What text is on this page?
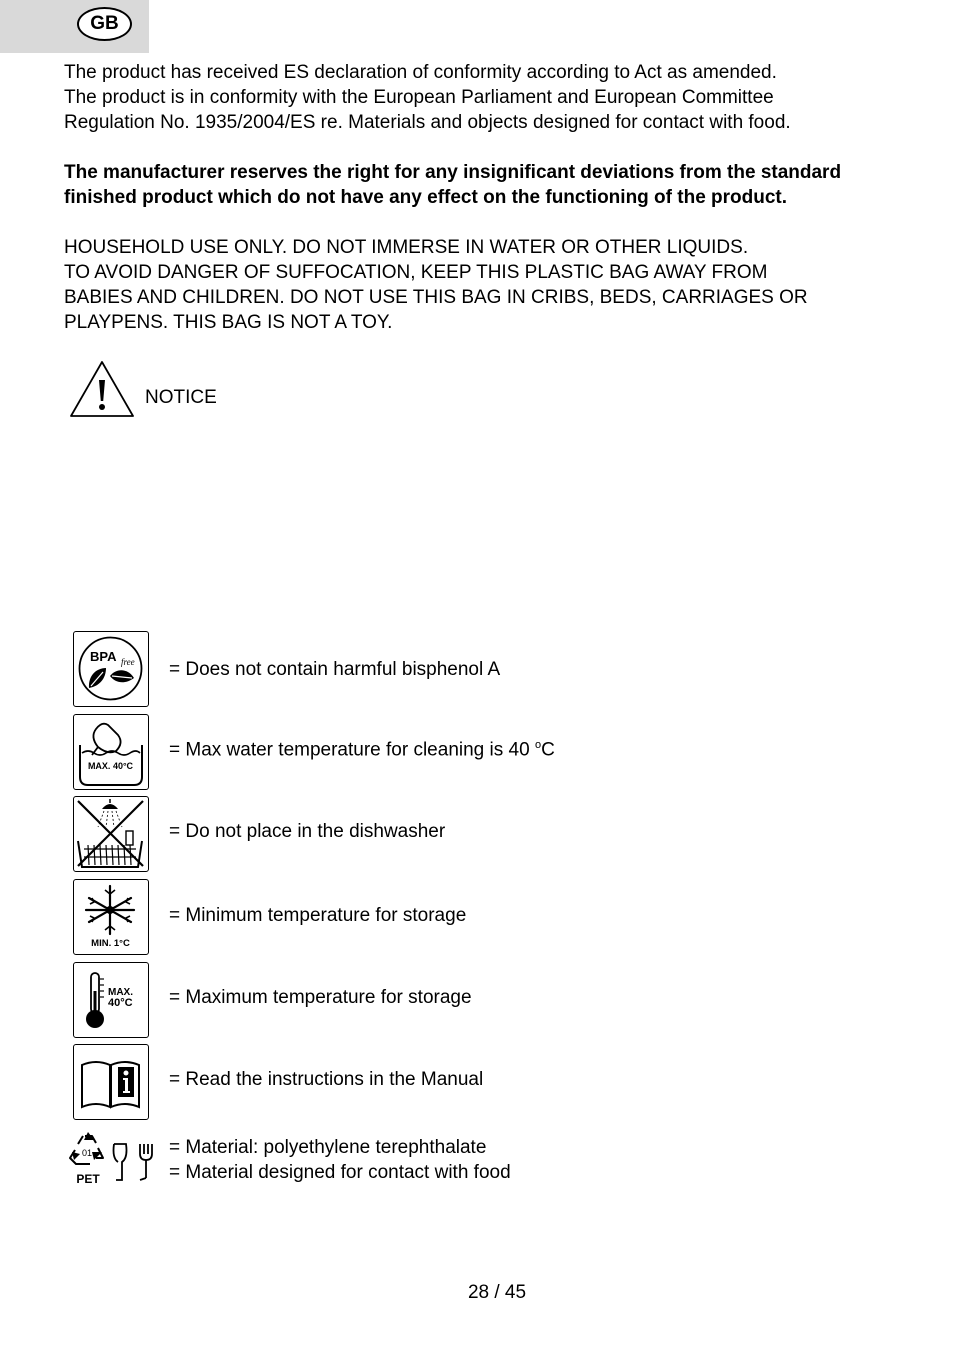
GB

The product has received ES declaration of conformity according to Act as amended.
The product is in conformity with the European Parliament and European Committee
Regulation No. 1935/2004/ES re. Materials and objects designed for contact with food.

The manufacturer reserves the right for any insignificant deviations from the standard
finished product which do not have any effect on the functioning of the product.

HOUSEHOLD USE ONLY. DO NOT IMMERSE IN WATER OR OTHER LIQUIDS.
TO AVOID DANGER OF SUFFOCATION, KEEP THIS PLASTIC BAG AWAY FROM
BABIES AND CHILDREN. DO NOT USE THIS BAG IN CRIBS, BEDS, CARRIAGES OR
PLAYPENS. THIS BAG IS NOT A TOY.

NOTICE
BPA free = Does not contain harmful bisphenol A
MAX. 40°C
= Max water temperature for cleaning is 40 $^o$C
= Do not place in the dishwasher
MIN. 1°C
= Minimum temperature for storage
MAX.
40°C = Maximum temperature for storage
= Read the instructions in the Manual
01
PET
= Material: polyethylene terephthalate
= Material designed for contact with food
28 / 45
